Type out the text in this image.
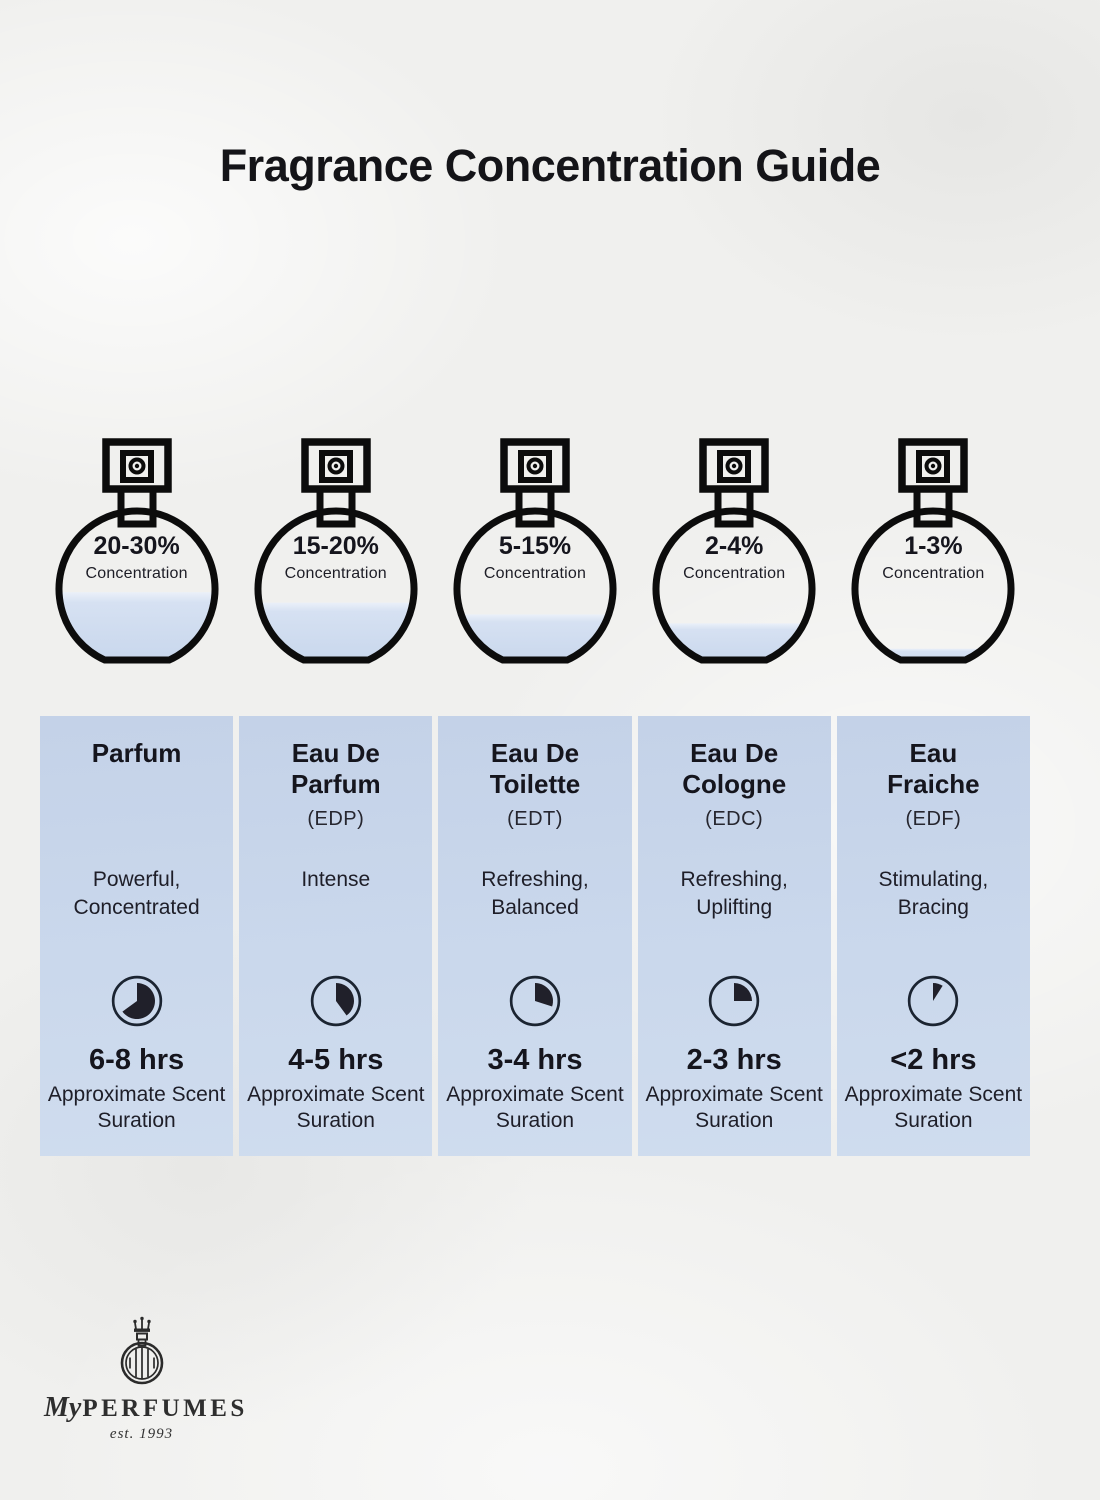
Fragrance Concentration Guide
20-30%
Concentration
15-20%
Concentration
5-15%
Concentration
2-4%
Concentration
1-3%
Concentration
Parfum
Powerful, Concentrated
6-8 hrs
Approximate Scent Suration
Eau De Parfum
(EDP)
Intense
4-5 hrs
Approximate Scent Suration
Eau De Toilette
(EDT)
Refreshing, Balanced
3-4 hrs
Approximate Scent Suration
Eau De Cologne
(EDC)
Refreshing, Uplifting
2-3 hrs
Approximate Scent Suration
Eau Fraiche
(EDF)
Stimulating, Bracing
<2 hrs
Approximate Scent Suration
MyPERFUMES
est. 1993
